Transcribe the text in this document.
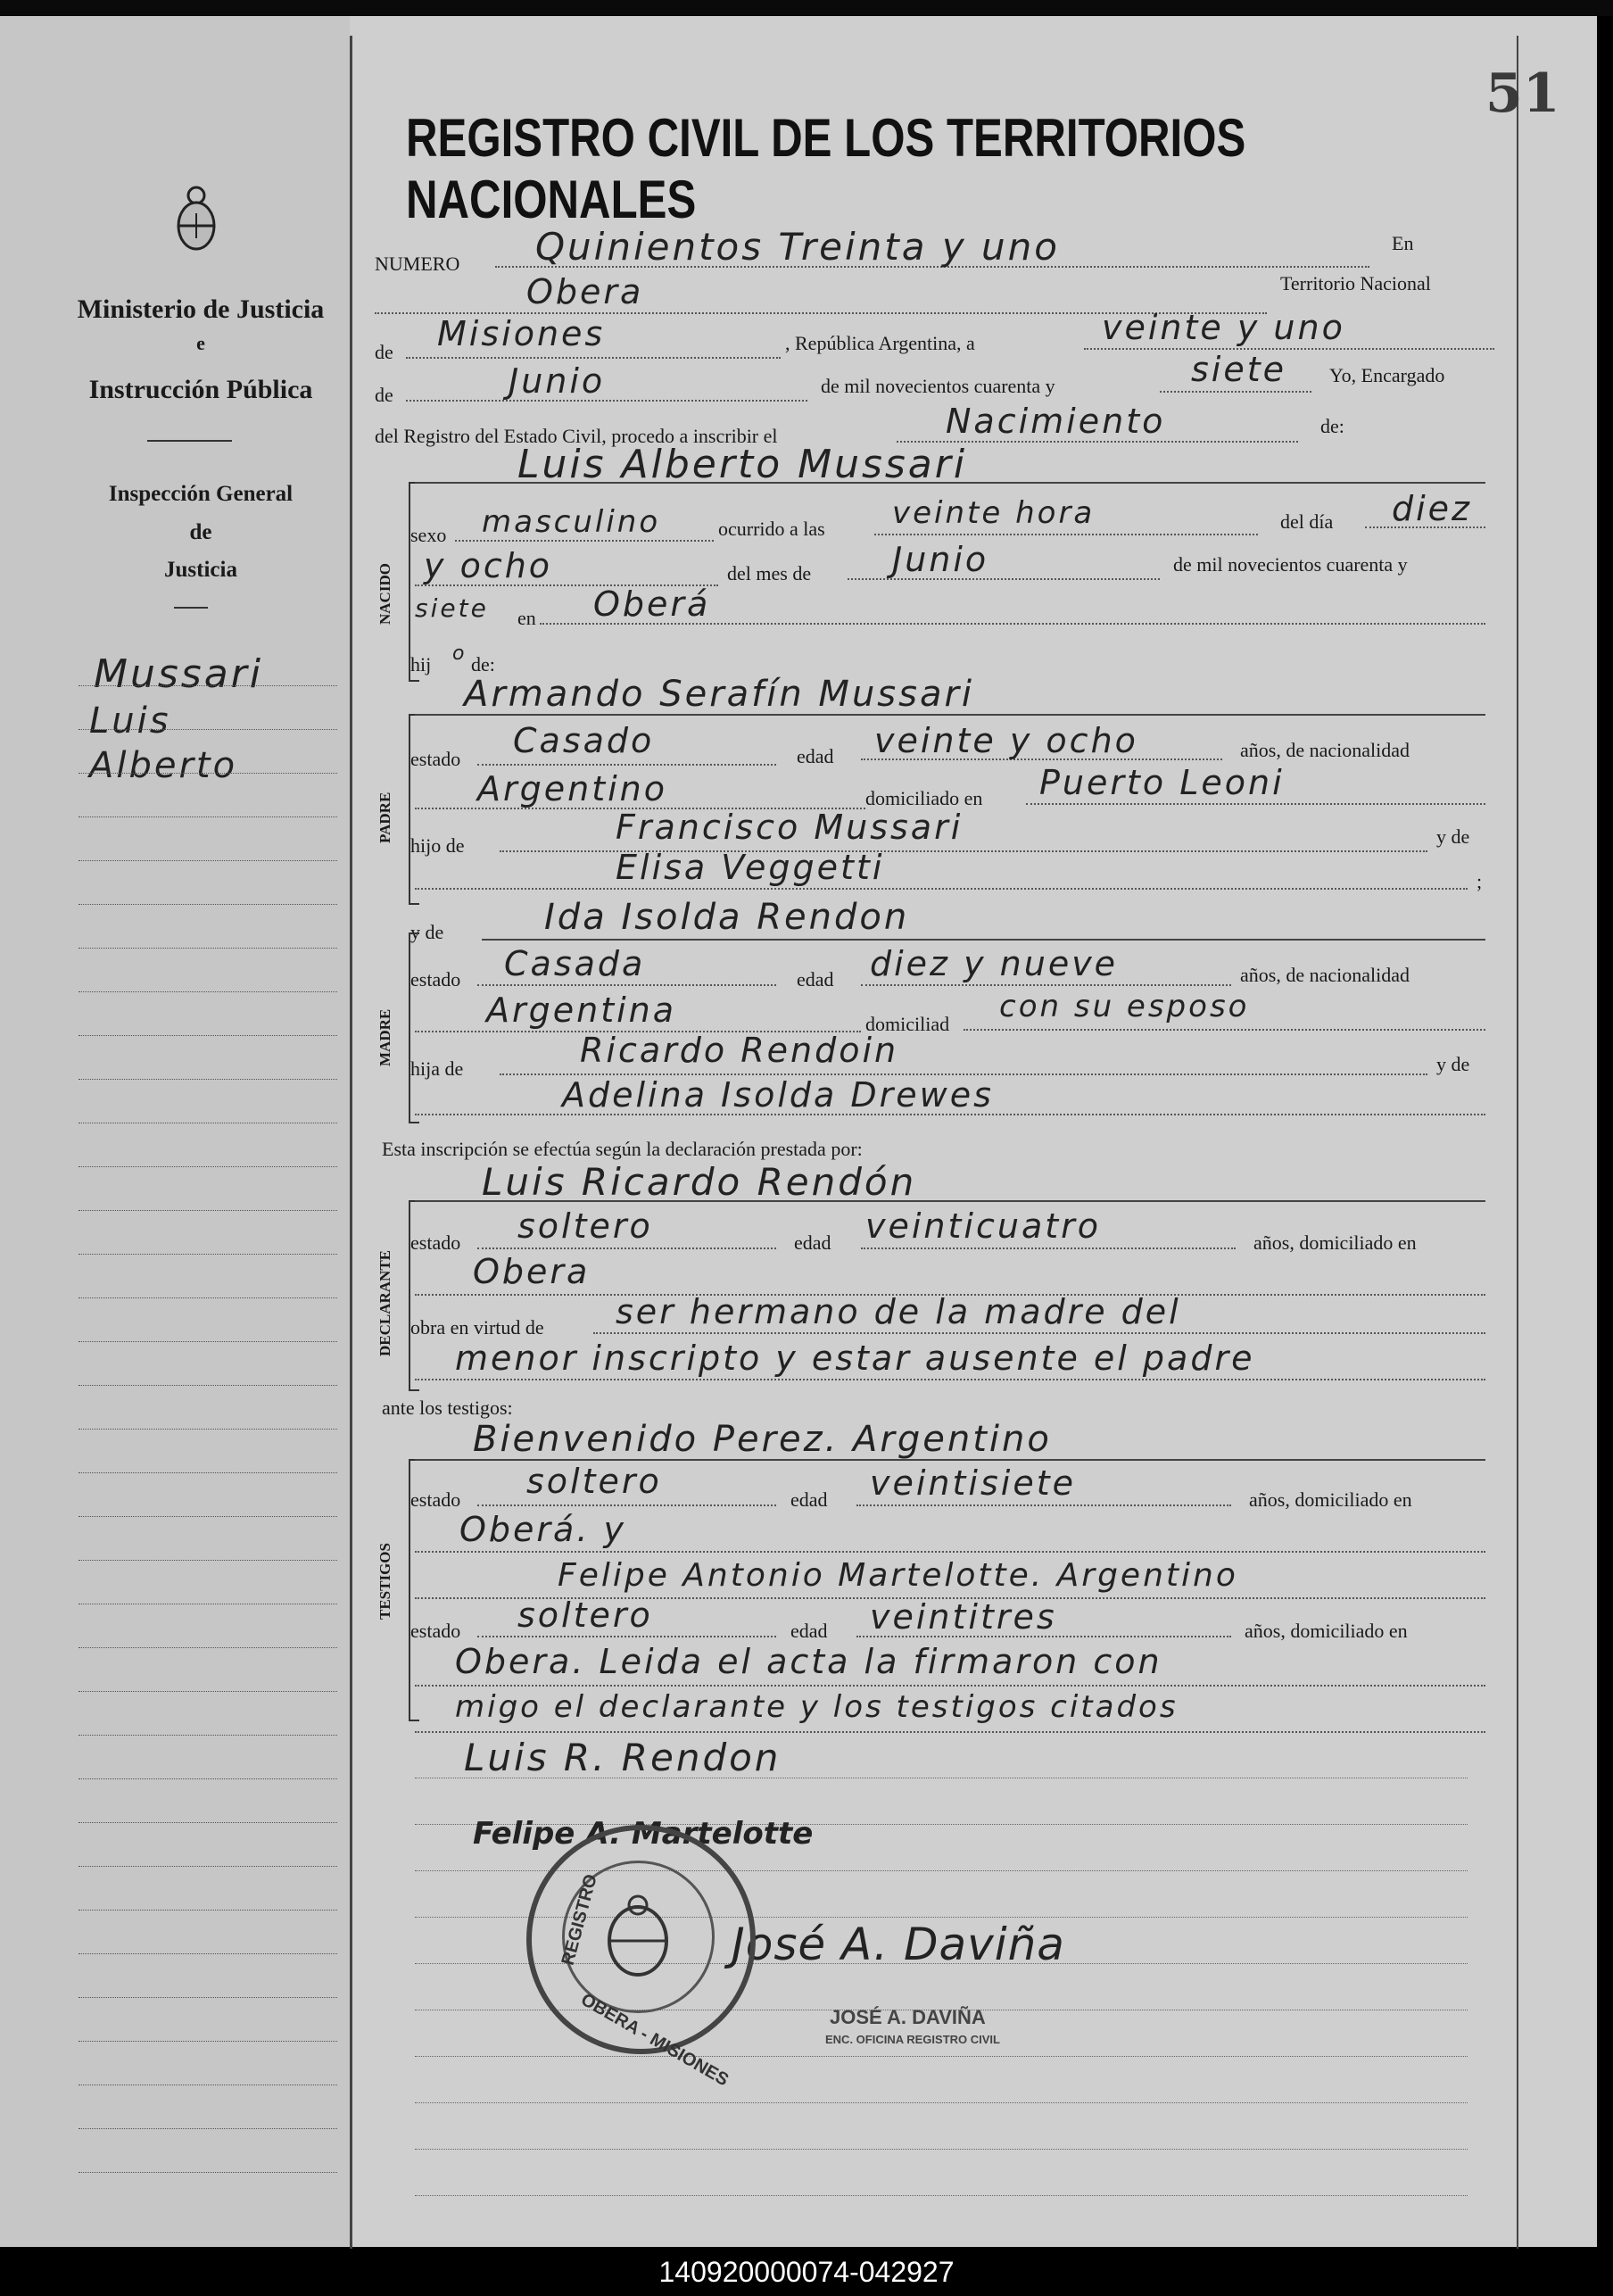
51
Ministerio de Justicia
e
Instrucción Pública
Inspección General
de
Justicia
Mussari
Luis
Alberto
REGISTRO CIVIL DE LOS TERRITORIOS NACIONALES
NUMERO Quinientos Treinta y uno	En
Obera	Territorio Nacional
de Misiones	, República Argentina, a	veinte y uno
de	Junio	de mil novecientos cuarenta y	siete Yo, Encargado
del Registro del Estado Civil, procedo a inscribir el	Nacimiento	de:
Luis Alberto Mussari
NACIDO
sexo masculino	ocurrido a las veinte hora	del día diez
y ocho	del mes de Junio	de mil novecientos cuarenta y
siete en Oberá
hij o de:
Armando Serafín Mussari
PADRE
estado Casado	edad veinte y ocho	años, de nacionalidad
Argentino	domiciliado en Puerto Leoni
hijo de	Francisco Mussari	y de
Elisa Veggetti	;
y de	Ida Isolda Rendon
MADRE
estado Casada	edad diez y nueve	años, de nacionalidad
Argentina	domiciliad con su esposo
hija de	Ricardo Rendoin	y de
Adelina Isolda Drewes
Esta inscripción se efectúa según la declaración prestada por:
Luis Ricardo Rendón
DECLARANTE
estado soltero	edad veinticuatro	años, domiciliado en
Obera
obra en virtud de ser hermano de la madre del
menor inscripto y estar ausente el padre
ante los testigos:
Bienvenido Perez. Argentino
TESTIGOS
estado soltero	edad veintisiete	años, domiciliado en
Oberá. y
Felipe Antonio Martelotte. Argentino
estado soltero	edad veintitres	años, domiciliado en
Obera. Leida el acta la firmaron con
migo el declarante y los testigos citados
Luis R. Rendon
Felipe A. Martelotte
José A. Daviña
REGISTRO
OBERA - MISIONES	JOSÉ A. DAVIÑA
ENC. OFICINA REGISTRO CIVIL
140920000074-042927
